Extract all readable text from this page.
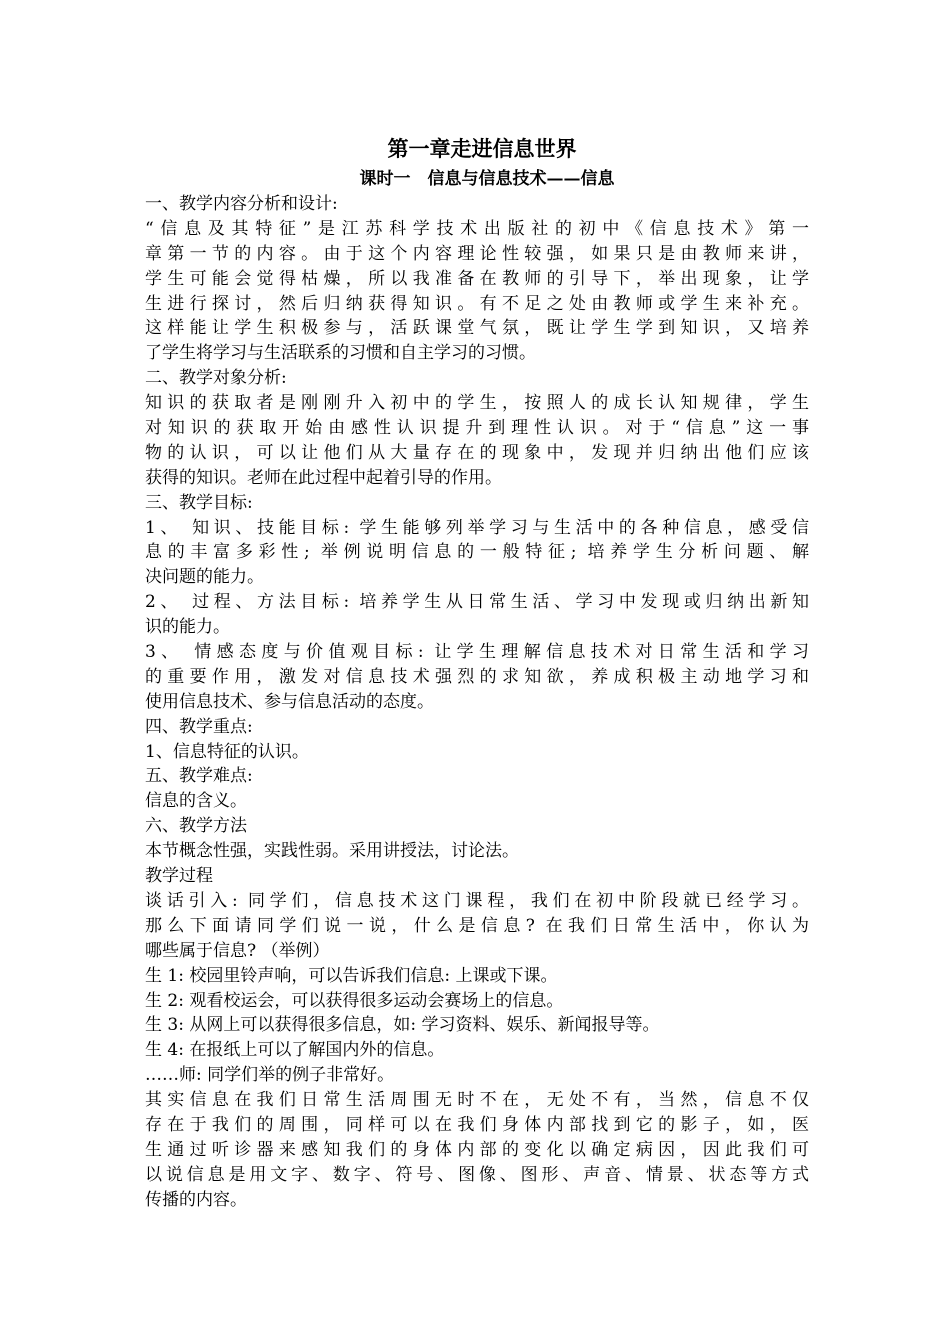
第一章走进信息世界
课时一　信息与信息技术——信息
一、教学内容分析和设计:
“信息及其特征”是江苏科学技术出版社的初中《信息技术》第一
章第一节的内容。由于这个内容理论性较强，如果只是由教师来讲，
学生可能会觉得枯燥，所以我准备在教师的引导下，举出现象，让学
生进行探讨，然后归纳获得知识。有不足之处由教师或学生来补充。
这样能让学生积极参与，活跃课堂气氛，既让学生学到知识，又培养
了学生将学习与生活联系的习惯和自主学习的习惯。
二、教学对象分析:
知识的获取者是刚刚升入初中的学生，按照人的成长认知规律，学生
对知识的获取开始由感性认识提升到理性认识。对于“信息”这一事
物的认识，可以让他们从大量存在的现象中，发现并归纳出他们应该
获得的知识。老师在此过程中起着引导的作用。
三、教学目标:
1、 知识、技能目标: 学生能够列举学习与生活中的各种信息，感受信
息的丰富多彩性; 举例说明信息的一般特征; 培养学生分析问题、解
决问题的能力。
2、 过程、方法目标: 培养学生从日常生活、学习中发现或归纳出新知
识的能力。
3、 情感态度与价值观目标: 让学生理解信息技术对日常生活和学习
的重要作用，激发对信息技术强烈的求知欲，养成积极主动地学习和
使用信息技术、参与信息活动的态度。
四、教学重点:
1、信息特征的认识。
五、教学难点:
信息的含义。
六、教学方法
本节概念性强，实践性弱。采用讲授法，讨论法。
教学过程
谈话引入: 同学们，信息技术这门课程，我们在初中阶段就已经学习。
那么下面请同学们说一说，什么是信息? 在我们日常生活中，你认为
哪些属于信息? （举例）
生 1: 校园里铃声响，可以告诉我们信息: 上课或下课。
生 2: 观看校运会，可以获得很多运动会赛场上的信息。
生 3: 从网上可以获得很多信息，如: 学习资料、娱乐、新闻报导等。
生 4: 在报纸上可以了解国内外的信息。
……师: 同学们举的例子非常好。
其实信息在我们日常生活周围无时不在，无处不有，当然，信息不仅
存在于我们的周围，同样可以在我们身体内部找到它的影子，如，医
生通过听诊器来感知我们的身体内部的变化以确定病因，因此我们可
以说信息是用文字、数字、符号、图像、图形、声音、情景、状态等方式
传播的内容。
